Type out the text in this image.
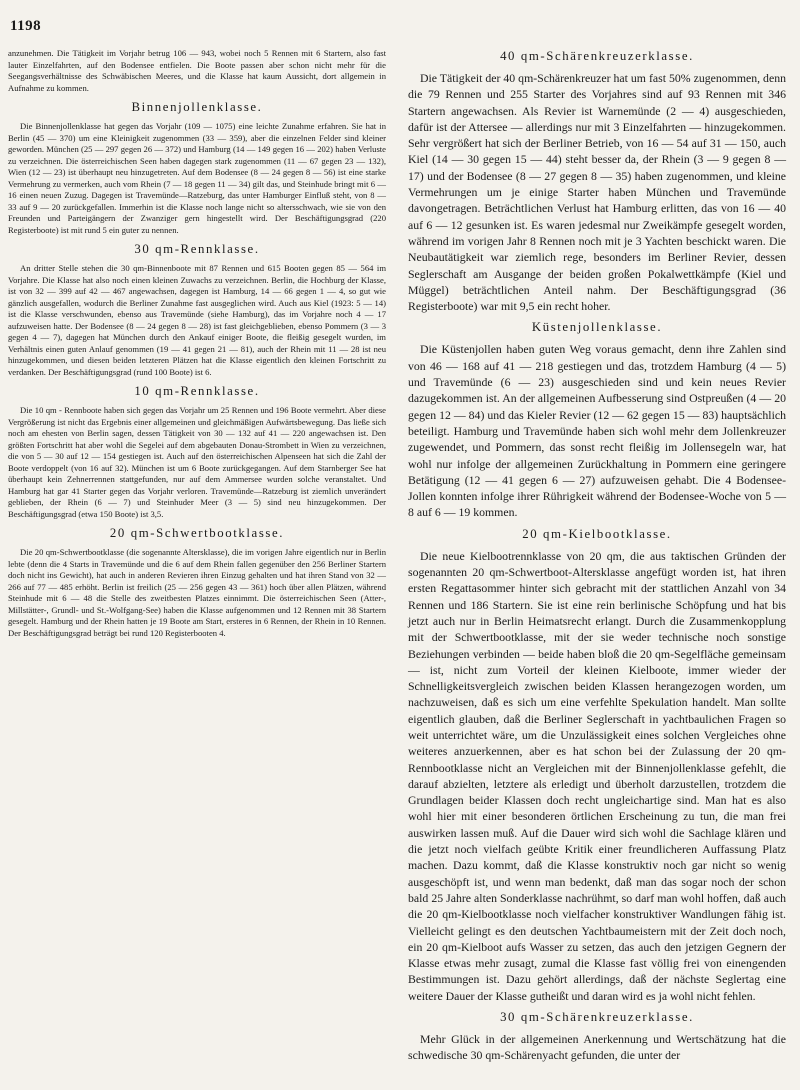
1198

anzunehmen. Die Tätigkeit im Vorjahr betrug 106 — 943, wobei noch 5 Rennen mit 6 Startern, also fast lauter Einzelfahrten, auf den Bodensee entfielen. Die Boote passen aber schon nicht mehr für die Seegangsverhältnisse des Schwäbischen Meeres, und die Klasse hat kaum Aussicht, dort allgemein in Aufnahme zu kommen.

Binnenjollenklasse.

Die Binnenjollenklasse hat gegen das Vorjahr (109 — 1075) eine leichte Zunahme erfahren. Sie hat in Berlin (45 — 370) um eine Kleinigkeit zugenommen (33 — 359), aber die einzelnen Felder sind kleiner geworden. München (25 — 297 gegen 26 — 372) und Hamburg (14 — 149 gegen 16 — 202) haben Verluste zu verzeichnen. Die österreichischen Seen haben dagegen stark zugenommen (11 — 67 gegen 23 — 132), Wien (12 — 23) ist überhaupt neu hinzugetreten. Auf dem Bodensee (8 — 24 gegen 8 — 56) ist eine starke Vermehrung zu vermerken, auch vom Rhein (7 — 18 gegen 11 — 34) gilt das, und Steinhude bringt mit 6 — 16 einen neuen Zuzug. Dagegen ist Travemünde—Ratzeburg, das unter Hamburger Einfluß steht, von 8 — 33 auf 9 — 20 zurückgefallen. Immerhin ist die Klasse noch lange nicht so altersschwach, wie sie von den Freunden und Parteigängern der Zwanziger gern hingestellt wird. Der Beschäftigungsgrad (220 Registerboote) ist mit rund 5 ein guter zu nennen.

30 qm-Rennklasse.

An dritter Stelle stehen die 30 qm-Binnenboote mit 87 Rennen und 615 Booten gegen 85 — 564 im Vorjahre. Die Klasse hat also noch einen kleinen Zuwachs zu verzeichnen. Berlin, die Hochburg der Klasse, ist von 32 — 399 auf 42 — 467 angewachsen, dagegen ist Hamburg, 14 — 66 gegen 1 — 4, so gut wie gänzlich ausgefallen, wodurch die Berliner Zunahme fast ausgeglichen wird. Auch aus Kiel (1923: 5 — 14) ist die Klasse verschwunden, ebenso aus Travemünde (siehe Hamburg), das im Vorjahre noch 4 — 17 aufzuweisen hatte. Der Bodensee (8 — 24 gegen 8 — 28) ist fast gleichgeblieben, ebenso Pommern (3 — 3 gegen 4 — 7), dagegen hat München durch den Ankauf einiger Boote, die fleißig gesegelt wurden, im Verhältnis einen guten Anlauf genommen (19 — 41 gegen 21 — 81), auch der Rhein mit 11 — 28 ist neu hinzugekommen, und diesen beiden letzteren Plätzen hat die Klasse eigentlich den kleinen Fortschritt zu verdanken. Der Beschäftigungsgrad (rund 100 Boote) ist 6.

10 qm-Rennklasse.

Die 10 qm - Rennboote haben sich gegen das Vorjahr um 25 Rennen und 196 Boote vermehrt. Aber diese Vergrößerung ist nicht das Ergebnis einer allgemeinen und gleichmäßigen Aufwärtsbewegung. Das ließe sich noch am ehesten von Berlin sagen, dessen Tätigkeit von 30 — 132 auf 41 — 220 angewachsen ist. Den größten Fortschritt hat aber wohl die Segelei auf dem abgebauten Donau-Strombett in Wien zu verzeichnen, die von 5 — 30 auf 12 — 154 gestiegen ist. Auch auf den österreichischen Alpenseen hat sich die Zahl der Boote verdoppelt (von 16 auf 32). München ist um 6 Boote zurückgegangen. Auf dem Starnberger See hat überhaupt kein Zehnerrennen stattgefunden, nur auf dem Ammersee wurden solche veranstaltet. Und Hamburg hat gar 41 Starter gegen das Vorjahr verloren. Travemünde—Ratzeburg ist ziemlich unverändert geblieben, der Rhein (6 — 7) und Steinhuder Meer (3 — 5) sind neu hinzugekommen. Der Beschäftigungsgrad (etwa 150 Boote) ist 3,5.

20 qm-Schwertbootklasse.

Die 20 qm-Schwertbootklasse (die sogenannte Altersklasse), die im vorigen Jahre eigentlich nur in Berlin lebte (denn die 4 Starts in Travemünde und die 6 auf dem Rhein fallen gegenüber den 256 Berliner Startern doch nicht ins Gewicht), hat auch in anderen Revieren ihren Einzug gehalten und hat ihren Stand von 32 — 266 auf 77 — 485 erhöht. Berlin ist freilich (25 — 256 gegen 43 — 361) hoch über allen Plätzen, während Steinhude mit 6 — 48 die Stelle des zweitbesten Platzes einnimmt. Die österreichischen Seen (Atter-, Millstätter-, Grundl- und St.-Wolfgang-See) haben die Klasse aufgenommen und 12 Rennen mit 38 Startern gesegelt. Hamburg und der Rhein hatten je 19 Boote am Start, ersteres in 6 Rennen, der Rhein in 10 Rennen. Der Beschäftigungsgrad beträgt bei rund 120 Registerbooten 4.

40 qm-Schärenkreuzerklasse.

Die Tätigkeit der 40 qm-Schärenkreuzer hat um fast 50% zugenommen, denn die 79 Rennen und 255 Starter des Vorjahres sind auf 93 Rennen mit 346 Startern angewachsen. Als Revier ist Warnemünde (2 — 4) ausgeschieden, dafür ist der Attersee — allerdings nur mit 3 Einzelfahrten — hinzugekommen. Sehr vergrößert hat sich der Berliner Betrieb, von 16 — 54 auf 31 — 150, auch Kiel (14 — 30 gegen 15 — 44) steht besser da, der Rhein (3 — 9 gegen 8 — 17) und der Bodensee (8 — 27 gegen 8 — 35) haben zugenommen, und kleine Vermehrungen um je einige Starter haben München und Travemünde davongetragen. Beträchtlichen Verlust hat Hamburg erlitten, das von 16 — 40 auf 6 — 12 gesunken ist. Es waren jedesmal nur Zweikämpfe gesegelt worden, während im vorigen Jahr 8 Rennen noch mit je 3 Yachten beschickt waren. Die Neubautätigkeit war ziemlich rege, besonders im Berliner Revier, dessen Seglerschaft am Ausgange der beiden großen Pokalwettkämpfe (Kiel und Müggel) beträchtlichen Anteil nahm. Der Beschäftigungsgrad (36 Registerboote) war mit 9,5 ein recht hoher.

Küstenjollenklasse.

Die Küstenjollen haben guten Weg voraus gemacht, denn ihre Zahlen sind von 46 — 168 auf 41 — 218 gestiegen und das, trotzdem Hamburg (4 — 5) und Travemünde (6 — 23) ausgeschieden sind und kein neues Revier dazugekommen ist. An der allgemeinen Aufbesserung sind Ostpreußen (4 — 20 gegen 12 — 84) und das Kieler Revier (12 — 62 gegen 15 — 83) hauptsächlich beteiligt. Hamburg und Travemünde haben sich wohl mehr dem Jollenkreuzer zugewendet, und Pommern, das sonst recht fleißig im Jollensegeln war, hat wohl nur infolge der allgemeinen Zurückhaltung in Pommern eine geringere Betätigung (12 — 41 gegen 6 — 27) aufzuweisen gehabt. Die 4 Bodensee-Jollen konnten infolge ihrer Rührigkeit während der Bodensee-Woche von 5 — 8 auf 6 — 19 kommen.

20 qm-Kielbootklasse.

Die neue Kielbootrennklasse von 20 qm, die aus taktischen Gründen der sogenannten 20 qm-Schwertboot-Altersklasse angefügt worden ist, hat ihren ersten Regattasommer hinter sich gebracht mit der stattlichen Anzahl von 34 Rennen und 186 Startern. Sie ist eine rein berlinische Schöpfung und hat bis jetzt auch nur in Berlin Heimatsrecht erlangt. Durch die Zusammenkopplung mit der Schwertbootklasse, mit der sie weder technische noch sonstige Beziehungen verbinden — beide haben bloß die 20 qm-Segelfläche gemeinsam — ist, nicht zum Vorteil der kleinen Kielboote, immer wieder der Schnelligkeitsvergleich zwischen beiden Klassen herangezogen worden, um nachzuweisen, daß es sich um eine verfehlte Spekulation handelt. Man sollte eigentlich glauben, daß die Berliner Seglerschaft in yachtbaulichen Fragen so weit unterrichtet wäre, um die Unzulässigkeit eines solchen Vergleiches ohne weiteres anzuerkennen, aber es hat schon bei der Zulassung der 20 qm-Rennbootklasse nicht an Vergleichen mit der Binnenjollenklasse gefehlt, die darauf abzielten, letztere als erledigt und überholt darzustellen, trotzdem die Grundlagen beider Klassen doch recht ungleichartige sind. Man hat es also wohl hier mit einer besonderen örtlichen Erscheinung zu tun, die man frei auswirken lassen muß. Auf die Dauer wird sich wohl die Sachlage klären und die jetzt noch vielfach geübte Kritik einer freundlicheren Auffassung Platz machen. Dazu kommt, daß die Klasse konstruktiv noch gar nicht so wenig ausgeschöpft ist, und wenn man bedenkt, daß man das sogar noch der schon bald 25 Jahre alten Sonderklasse nachrühmt, so darf man wohl hoffen, daß auch die 20 qm-Kielbootklasse noch vielfacher konstruktiver Wandlungen fähig ist. Vielleicht gelingt es den deutschen Yachtbaumeistern mit der Zeit doch noch, ein 20 qm-Kielboot aufs Wasser zu setzen, das auch den jetzigen Gegnern der Klasse etwas mehr zusagt, zumal die Klasse fast völlig frei von einengenden Bestimmungen ist. Dazu gehört allerdings, daß der nächste Seglertag eine weitere Dauer der Klasse gutheißt und daran wird es ja wohl nicht fehlen.

30 qm-Schärenkreuzerklasse.

Mehr Glück in der allgemeinen Anerkennung und Wertschätzung hat die schwedische 30 qm-Schärenyacht gefunden, die unter der
